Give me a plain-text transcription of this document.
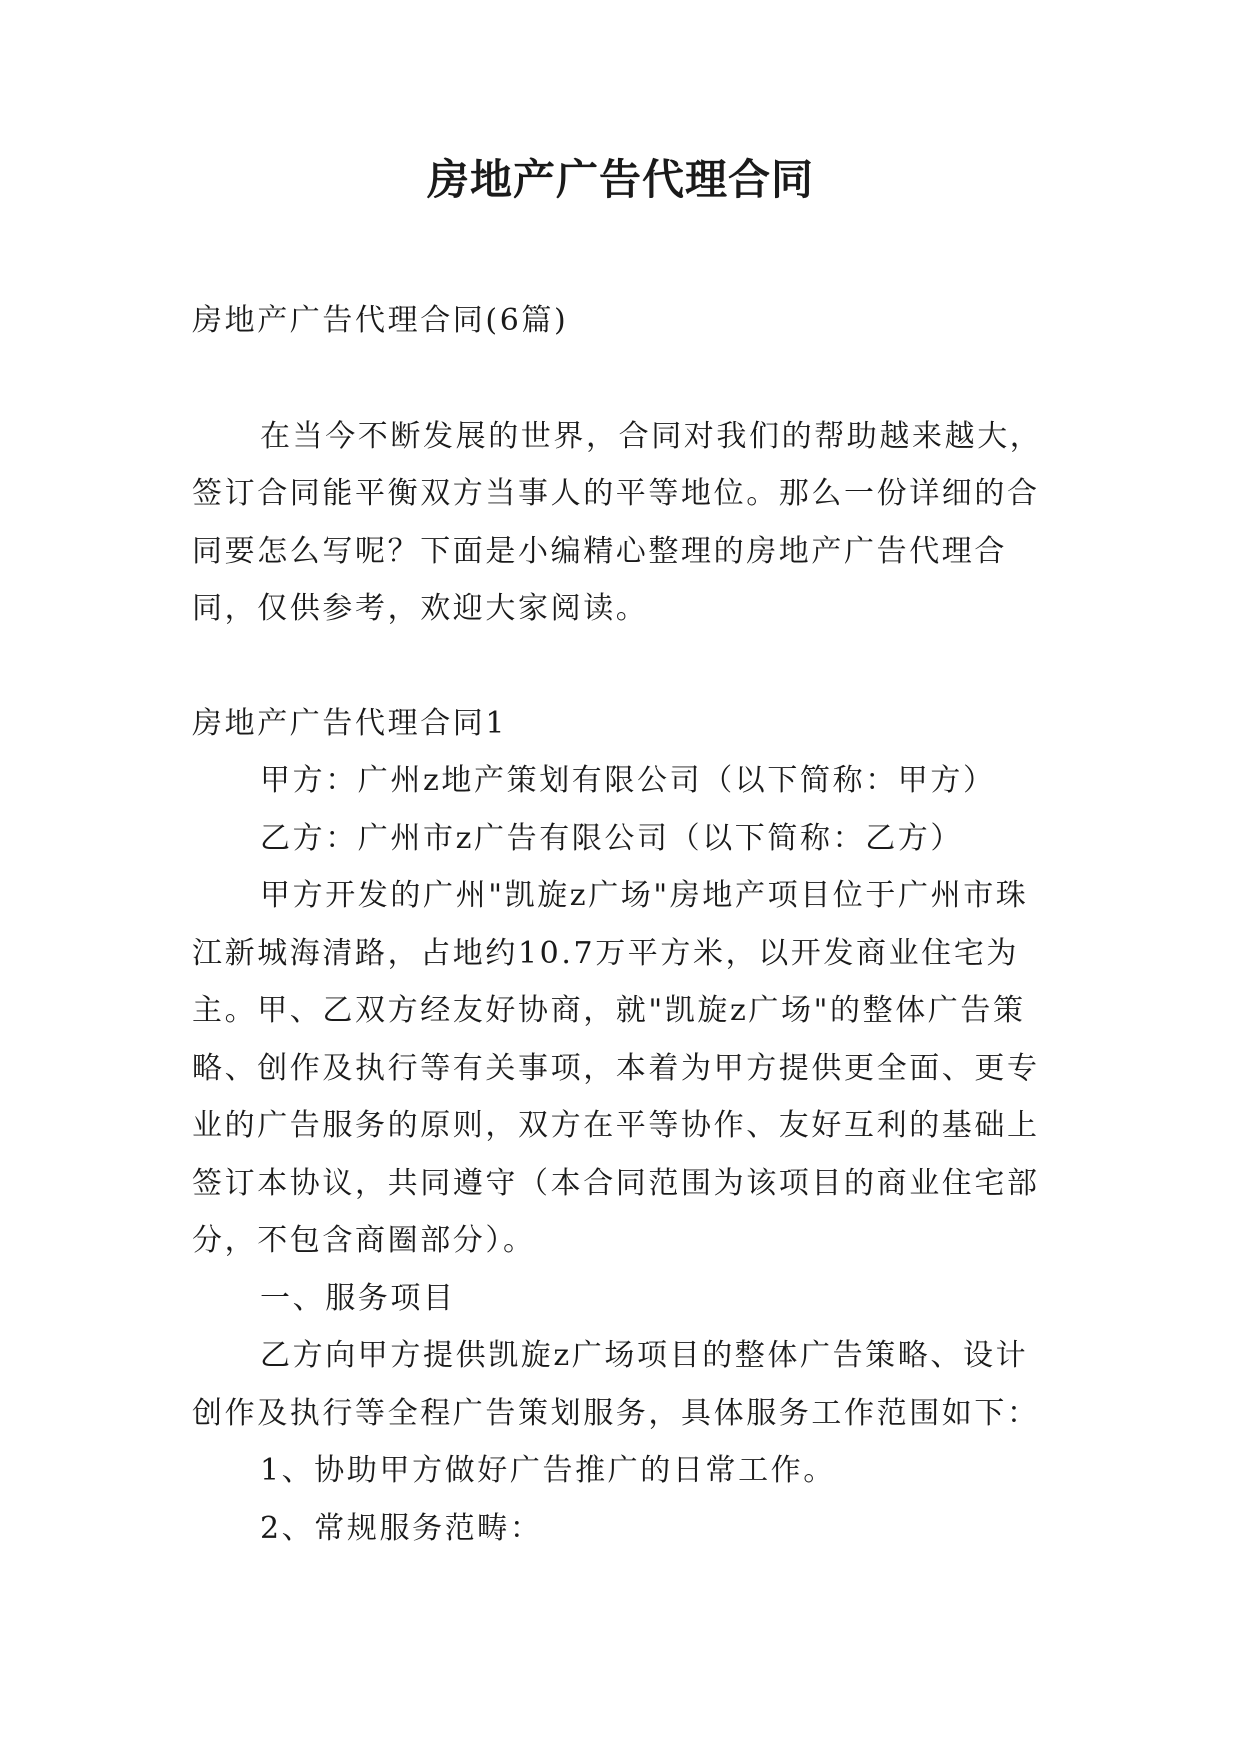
房地产广告代理合同

房地产广告代理合同(6篇)

在当今不断发展的世界，合同对我们的帮助越来越大，签订合同能平衡双方当事人的平等地位。那么一份详细的合同要怎么写呢？下面是小编精心整理的房地产广告代理合同，仅供参考，欢迎大家阅读。

房地产广告代理合同1

甲方：广州z地产策划有限公司（以下简称：甲方）

乙方：广州市z广告有限公司（以下简称：乙方）

甲方开发的广州"凯旋z广场"房地产项目位于广州市珠江新城海清路，占地约10.7万平方米，以开发商业住宅为主。甲、乙双方经友好协商，就"凯旋z广场"的整体广告策略、创作及执行等有关事项，本着为甲方提供更全面、更专业的广告服务的原则，双方在平等协作、友好互利的基础上签订本协议，共同遵守（本合同范围为该项目的商业住宅部分，不包含商圈部分）。

一、服务项目

乙方向甲方提供凯旋z广场项目的整体广告策略、设计创作及执行等全程广告策划服务，具体服务工作范围如下：

1、协助甲方做好广告推广的日常工作。

2、常规服务范畴：
